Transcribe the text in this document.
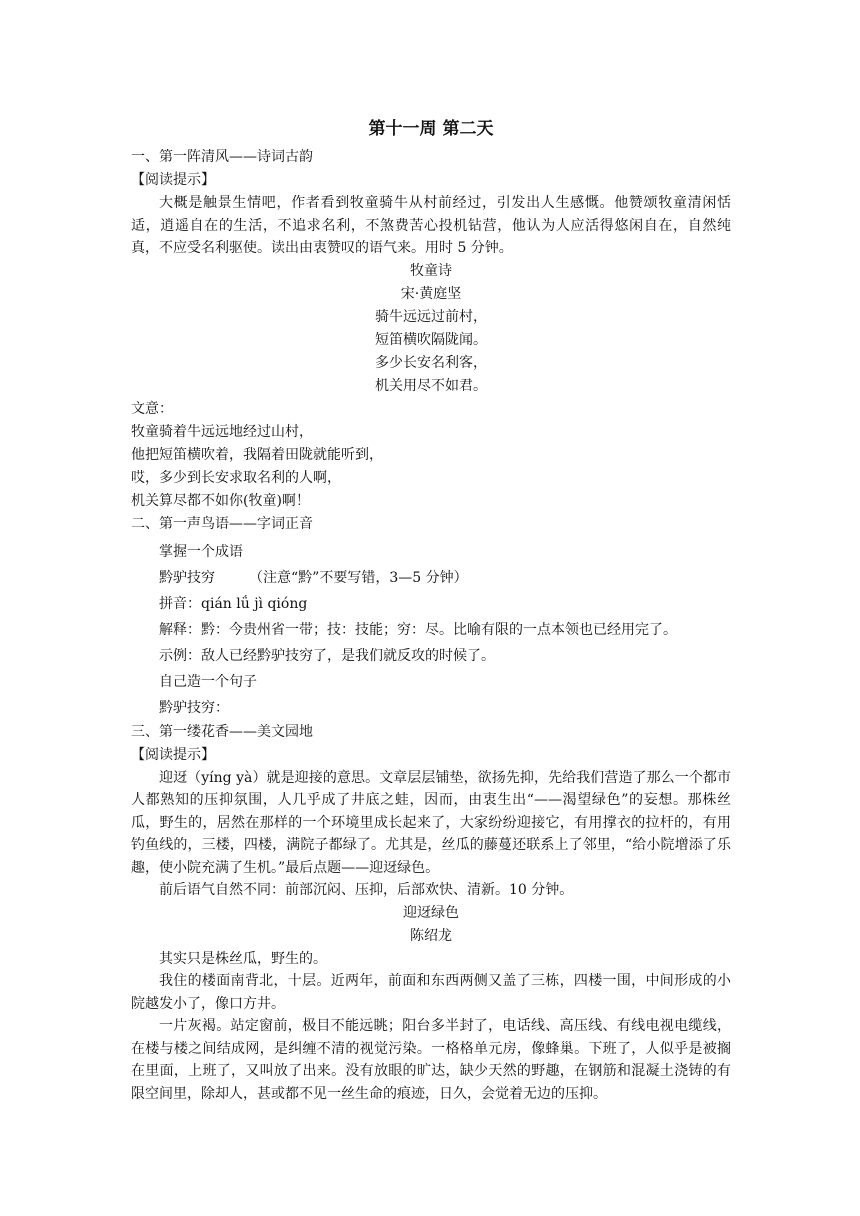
第十一周 第二天
一、第一阵清风——诗词古韵
【阅读提示】

大概是触景生情吧，作者看到牧童骑牛从村前经过，引发出人生感慨。他赞颂牧童清闲恬适，逍遥自在的生活，不追求名利，不煞费苦心投机钻营，他认为人应活得悠闲自在，自然纯真，不应受名利驱使。读出由衷赞叹的语气来。用时 5 分钟。

牧童诗
宋·黄庭坚
骑牛远远过前村，
短笛横吹隔陇闻。
多少长安名利客，
机关用尽不如君。
文意：
牧童骑着牛远远地经过山村，
他把短笛横吹着，我隔着田陇就能听到，
哎，多少到长安求取名利的人啊，
机关算尽都不如你(牧童)啊！
二、第一声鸟语——字词正音
掌握一个成语
黔驴技穷 （注意“黔”不要写错，3—5 分钟）
拼音：qián lǘ jì qióng
解释：黔：今贵州省一带；技：技能；穷：尽。比喻有限的一点本领也已经用完了。
示例：敌人已经黔驴技穷了，是我们就反攻的时候了。
自己造一个句子
黔驴技穷：
三、第一缕花香——美文园地
【阅读提示】

迎迓（yíng yà）就是迎接的意思。文章层层铺垫，欲扬先抑，先给我们营造了那么一个都市人都熟知的压抑氛围，人几乎成了井底之蛙，因而，由衷生出“——渴望绿色”的妄想。那株丝瓜，野生的，居然在那样的一个环境里成长起来了，大家纷纷迎接它，有用撑衣的拉杆的，有用钓鱼线的，三楼，四楼，满院子都绿了。尤其是，丝瓜的藤蔓还联系上了邻里，“给小院增添了乐趣，使小院充满了生机。”最后点题——迎迓绿色。

前后语气自然不同：前部沉闷、压抑，后部欢快、清新。10 分钟。

迎迓绿色
陈绍龙

其实只是株丝瓜，野生的。

我住的楼面南背北，十层。近两年，前面和东西两侧又盖了三栋，四楼一围，中间形成的小院越发小了，像口方井。

一片灰褐。站定窗前，极目不能远眺；阳台多半封了，电话线、高压线、有线电视电缆线，在楼与楼之间结成网，是纠缠不清的视觉污染。一格格单元房，像蜂巢。下班了，人似乎是被搁在里面，上班了，又叫放了出来。没有放眼的旷达，缺少天然的野趣，在钢筋和混凝土浇铸的有限空间里，除却人，甚或都不见一丝生命的痕迹，日久，会觉着无边的压抑。
